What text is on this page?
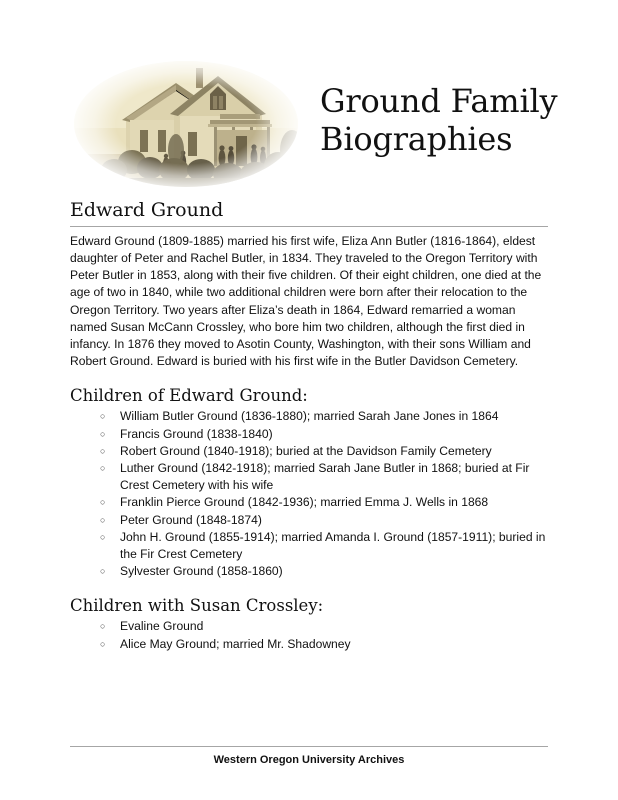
Ground Family
Biographies
Edward Ground

Edward Ground (1809-1885) married his first wife, Eliza Ann Butler (1816-1864), eldest daughter of Peter and Rachel Butler, in 1834. They traveled to the Oregon Territory with Peter Butler in 1853, along with their five children. Of their eight children, one died at the age of two in 1840, while two additional children were born after their relocation to the Oregon Territory. Two years after Eliza’s death in 1864, Edward remarried a woman named Susan McCann Crossley, who bore him two children, although the first died in infancy. In 1876 they moved to Asotin County, Washington, with their sons William and Robert Ground. Edward is buried with his first wife in the Butler Davidson Cemetery.

Children of Edward Ground:
○ William Butler Ground (1836-1880); married Sarah Jane Jones in 1864
○ Francis Ground (1838-1840)
○ Robert Ground (1840-1918); buried at the Davidson Family Cemetery
○ Luther Ground (1842-1918); married Sarah Jane Butler in 1868; buried at Fir Crest Cemetery with his wife
○ Franklin Pierce Ground (1842-1936); married Emma J. Wells in 1868
○ Peter Ground (1848-1874)
○ John H. Ground (1855-1914); married Amanda I. Ground (1857-1911); buried in the Fir Crest Cemetery
○ Sylvester Ground (1858-1860)
Children with Susan Crossley:
○ Evaline Ground
○ Alice May Ground; married Mr. Shadowney
Western Oregon University Archives
